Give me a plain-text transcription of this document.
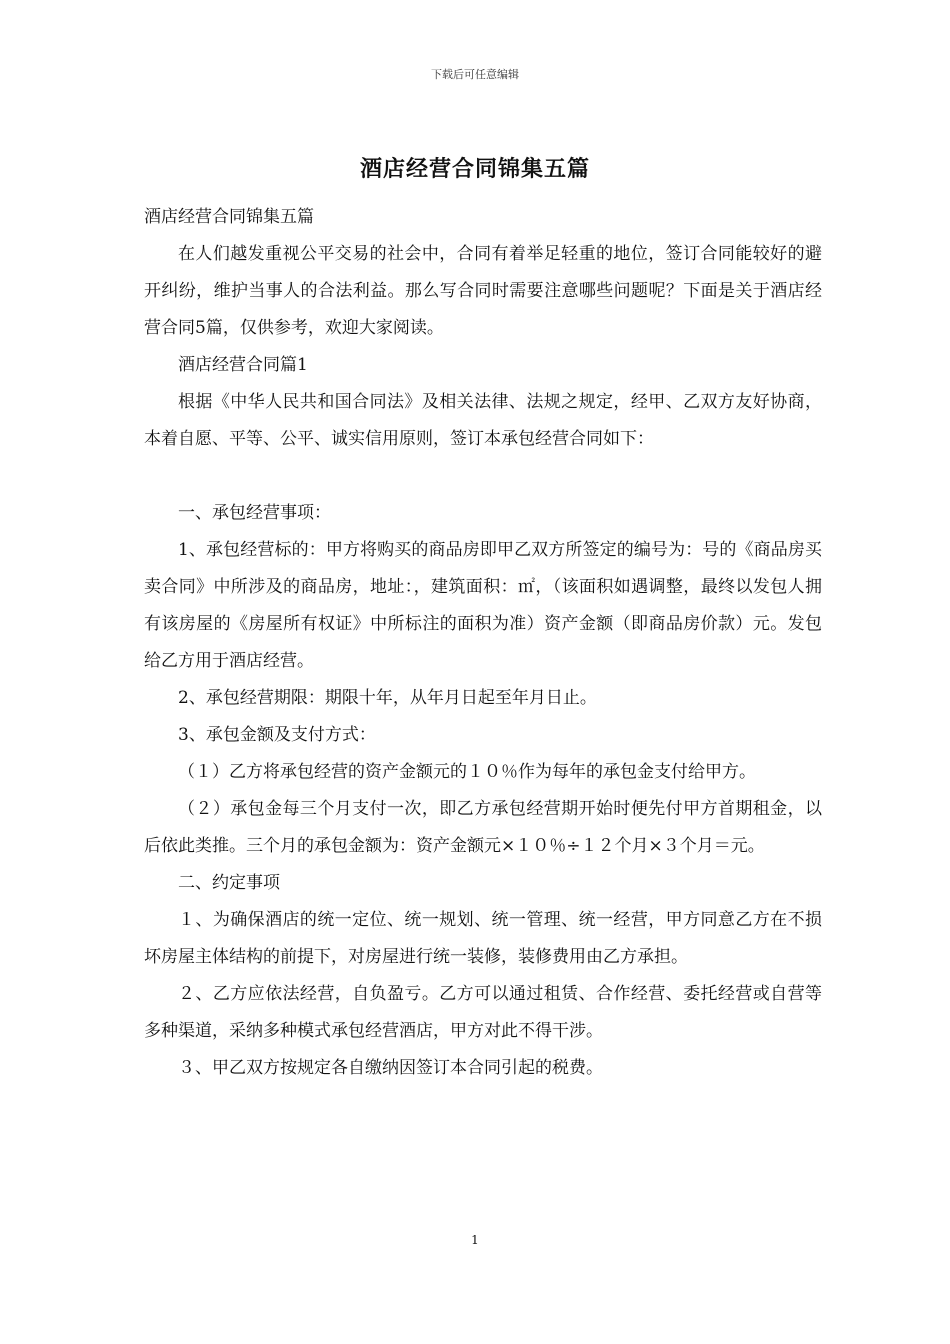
下载后可任意编辑
酒店经营合同锦集五篇

酒店经营合同锦集五篇

在人们越发重视公平交易的社会中，合同有着举足轻重的地位，签订合同能较好的避开纠纷，维护当事人的合法利益。那么写合同时需要注意哪些问题呢？下面是关于酒店经营合同5篇，仅供参考，欢迎大家阅读。

酒店经营合同篇1

根据《中华人民共和国合同法》及相关法律、法规之规定，经甲、乙双方友好协商，本着自愿、平等、公平、诚实信用原则，签订本承包经营合同如下：

一、承包经营事项：

1、承包经营标的：甲方将购买的商品房即甲乙双方所签定的编号为：号的《商品房买卖合同》中所涉及的商品房，地址：，建筑面积：㎡，（该面积如遇调整，最终以发包人拥有该房屋的《房屋所有权证》中所标注的面积为准）资产金额（即商品房价款）元。发包给乙方用于酒店经营。

2、承包经营期限：期限十年，从年月日起至年月日止。

3、承包金额及支付方式：

（１）乙方将承包经营的资产金额元的１０％作为每年的承包金支付给甲方。

（２）承包金每三个月支付一次，即乙方承包经营期开始时便先付甲方首期租金，以后依此类推。三个月的承包金额为：资产金额元×１０％÷１２个月×３个月＝元。

二、约定事项

１、为确保酒店的统一定位、统一规划、统一管理、统一经营，甲方同意乙方在不损坏房屋主体结构的前提下，对房屋进行统一装修，装修费用由乙方承担。

２、乙方应依法经营，自负盈亏。乙方可以通过租赁、合作经营、委托经营或自营等多种渠道，采纳多种模式承包经营酒店，甲方对此不得干涉。

３、甲乙双方按规定各自缴纳因签订本合同引起的税费。

1
